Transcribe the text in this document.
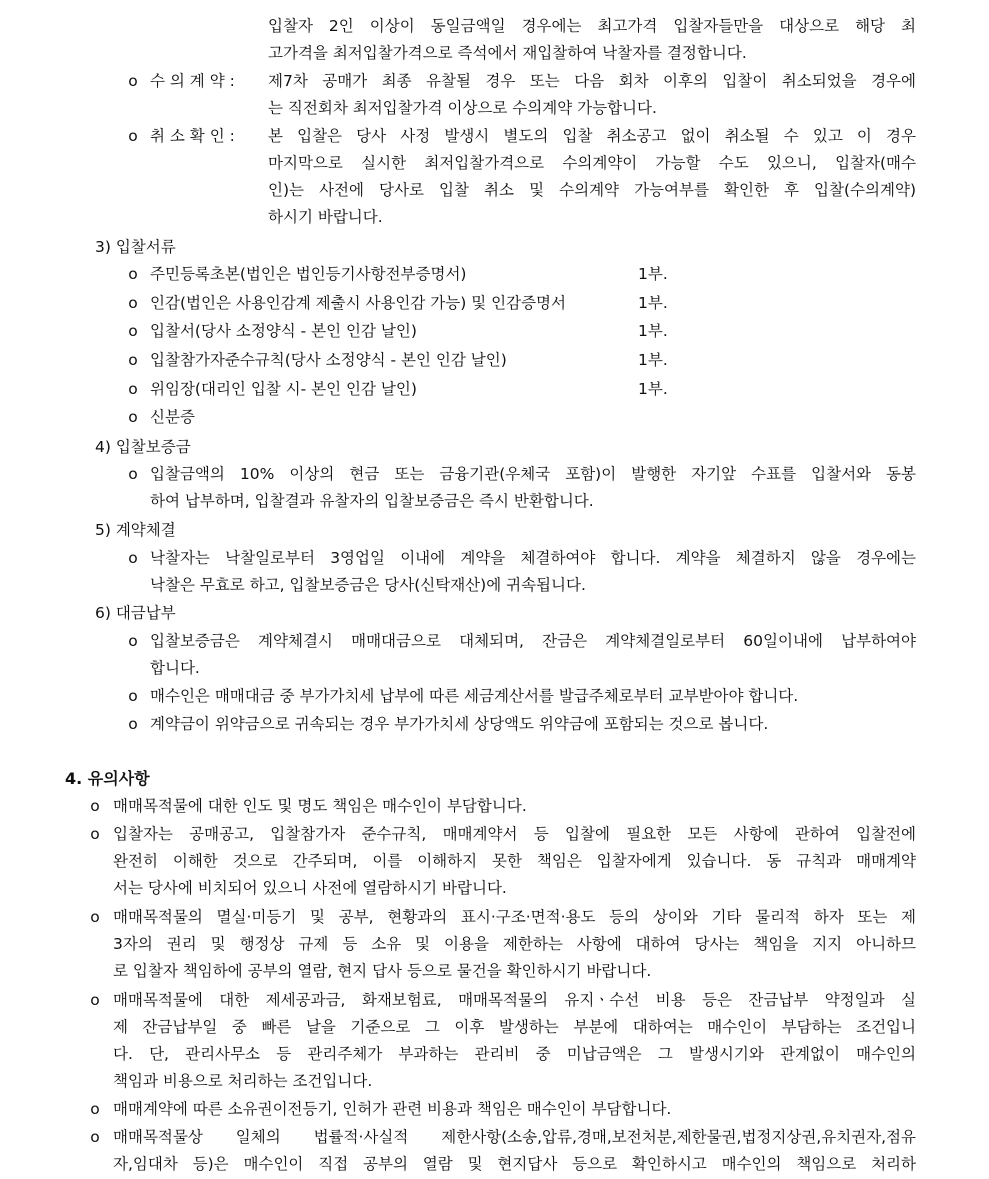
입찰자 2인 이상이 동일금액일 경우에는 최고가격 입찰자들만을 대상으로 해당 최
고가격을 최저입찰가격으로 즉석에서 재입찰하여 낙찰자를 결정합니다.
o 수 의 계 약 : 제7차 공매가 최종 유찰될 경우 또는 다음 회차 이후의 입찰이 취소되었을 경우에
는 직전회차 최저입찰가격 이상으로 수의계약 가능합니다.
o 취 소 확 인 : 본 입찰은 당사 사정 발생시 별도의 입찰 취소공고 없이 취소될 수 있고 이 경우
마지막으로 실시한 최저입찰가격으로 수의계약이 가능할 수도 있으니, 입찰자(매수
인)는 사전에 당사로 입찰 취소 및 수의계약 가능여부를 확인한 후 입찰(수의계약)
하시기 바랍니다.
3) 입찰서류
o 주민등록초본(법인은 법인등기사항전부증명서)	1부.
o 인감(법인은 사용인감계 제출시 사용인감 가능) 및 인감증명서	1부.
o 입찰서(당사 소정양식 - 본인 인감 날인)	1부.
o 입찰참가자준수규칙(당사 소정양식 - 본인 인감 날인)	1부.
o 위임장(대리인 입찰 시- 본인 인감 날인)	1부.
o 신분증
4) 입찰보증금
o 입찰금액의 10% 이상의 현금 또는 금융기관(우체국 포함)이 발행한 자기앞 수표를 입찰서와 동봉
하여 납부하며, 입찰결과 유찰자의 입찰보증금은 즉시 반환합니다.
5) 계약체결
o 낙찰자는 낙찰일로부터 3영업일 이내에 계약을 체결하여야 합니다. 계약을 체결하지 않을 경우에는
낙찰은 무효로 하고, 입찰보증금은 당사(신탁재산)에 귀속됩니다.
6) 대금납부
o 입찰보증금은 계약체결시 매매대금으로 대체되며, 잔금은 계약체결일로부터 60일이내에 납부하여야
합니다.
o 매수인은 매매대금 중 부가가치세 납부에 따른 세금계산서를 발급주체로부터 교부받아야 합니다.
o 계약금이 위약금으로 귀속되는 경우 부가가치세 상당액도 위약금에 포함되는 것으로 봅니다.
4. 유의사항
o 매매목적물에 대한 인도 및 명도 책임은 매수인이 부담합니다.
o 입찰자는 공매공고, 입찰참가자 준수규칙, 매매계약서 등 입찰에 필요한 모든 사항에 관하여 입찰전에
완전히 이해한 것으로 간주되며, 이를 이해하지 못한 책임은 입찰자에게 있습니다. 동 규칙과 매매계약
서는 당사에 비치되어 있으니 사전에 열람하시기 바랍니다.
o 매매목적물의 멸실·미등기 및 공부, 현황과의 표시·구조·면적·용도 등의 상이와 기타 물리적 하자 또는 제
3자의 권리 및 행정상 규제 등 소유 및 이용을 제한하는 사항에 대하여 당사는 책임을 지지 아니하므
로 입찰자 책임하에 공부의 열람, 현지 답사 등으로 물건을 확인하시기 바랍니다.
o 매매목적물에 대한 제세공과금, 화재보험료, 매매목적물의 유지ㆍ수선 비용 등은 잔금납부 약정일과 실
제 잔금납부일 중 빠른 날을 기준으로 그 이후 발생하는 부분에 대하여는 매수인이 부담하는 조건입니
다. 단, 관리사무소 등 관리주체가 부과하는 관리비 중 미납금액은 그 발생시기와 관계없이 매수인의
책임과 비용으로 처리하는 조건입니다.
o 매매계약에 따른 소유권이전등기, 인허가 관련 비용과 책임은 매수인이 부담합니다.
o 매매목적물상 일체의 법률적·사실적 제한사항(소송,압류,경매,보전처분,제한물권,법정지상권,유치권자,점유
자,임대차 등)은 매수인이 직접 공부의 열람 및 현지답사 등으로 확인하시고 매수인의 책임으로 처리하
